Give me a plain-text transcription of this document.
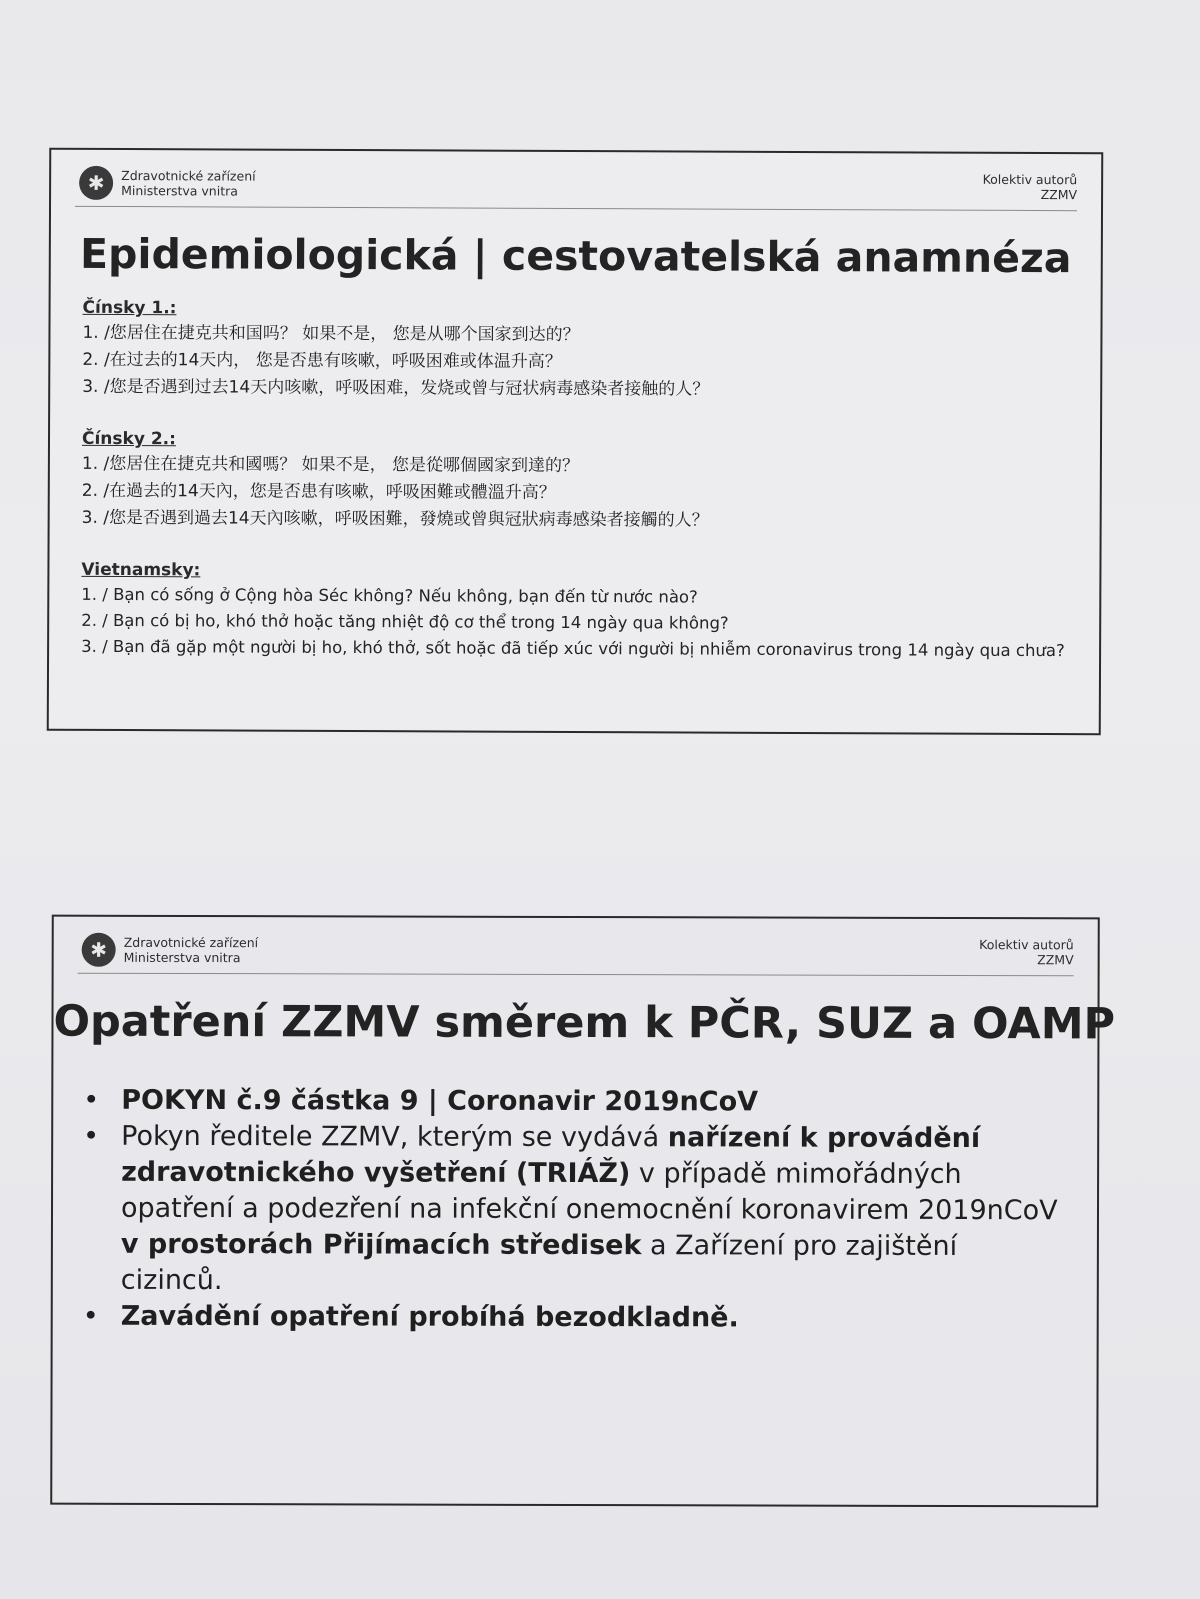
✱	Zdravotnické zařízení
Ministerstva vnitra
Kolektiv autorů
ZZMV
Epidemiologická | cestovatelská anamnéza
Čínsky 1.:
1. /您居住在捷克共和国吗？ 如果不是， 您是从哪个国家到达的？
2. /在过去的14天内， 您是否患有咳嗽，呼吸困难或体温升高？
3. /您是否遇到过去14天内咳嗽，呼吸困难，发烧或曾与冠状病毒感染者接触的人？
Čínsky 2.:
1. /您居住在捷克共和國嗎？ 如果不是， 您是從哪個國家到達的？
2. /在過去的14天內，您是否患有咳嗽，呼吸困難或體溫升高？
3. /您是否遇到過去14天內咳嗽，呼吸困難，發燒或曾與冠狀病毒感染者接觸的人？
Vietnamsky:
1. / Bạn có sống ở Cộng hòa Séc không? Nếu không, bạn đến từ nước nào?
2. / Bạn có bị ho, khó thở hoặc tăng nhiệt độ cơ thể trong 14 ngày qua không?
3. / Bạn đã gặp một người bị ho, khó thở, sốt hoặc đã tiếp xúc với người bị nhiễm coronavirus trong 14 ngày qua chưa?
✱	Zdravotnické zařízení
Ministerstva vnitra
Kolektiv autorů
ZZMV
Opatření ZZMV směrem k PČR, SUZ a OAMP
• POKYN č.9 částka 9 | Coronavir 2019nCoV
• Pokyn ředitele ZZMV, kterým se vydává nařízení k provádění zdravotnického vyšetření (TRIÁŽ) v případě mimořádných opatření a podezření na infekční onemocnění koronavirem 2019nCoV v prostorách Přijímacích středisek a Zařízení pro zajištění cizinců.
• Zavádění opatření probíhá bezodkladně.
